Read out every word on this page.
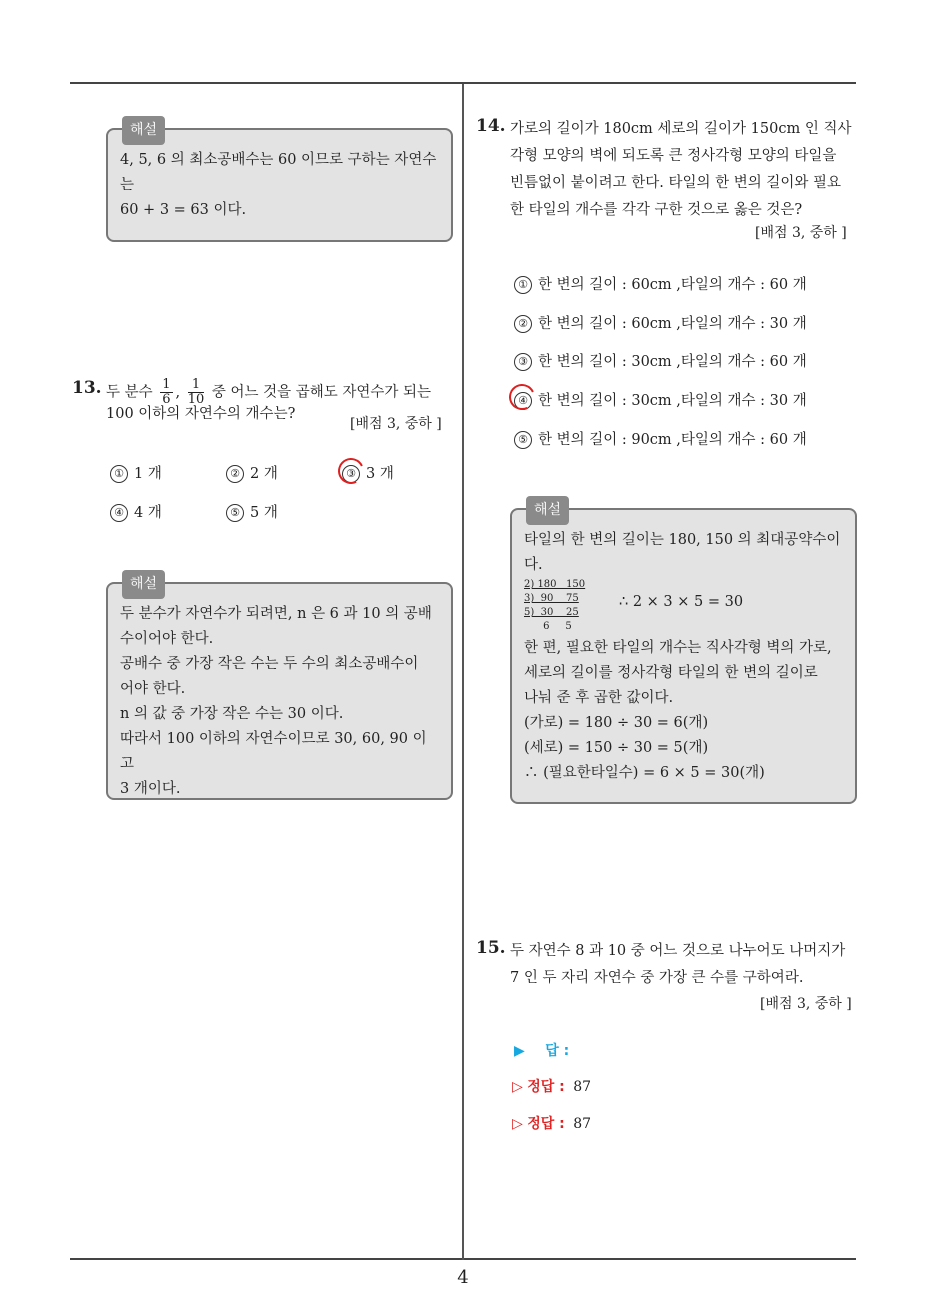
해설
4, 5, 6 의 최소공배수는 60 이므로 구하는 자연수
는
60 + 3 = 63 이다.
13. 두 분수 $\frac{1}{6}$ , $\frac{1}{10}$ 중 어느 것을 곱해도 자연수가 되는
100 이하의 자연수의 개수는?
[배점 3, 중하 ]
① 1 개	② 2 개	③ 3 개
④ 4 개	⑤ 5 개
해설
두 분수가 자연수가 되려면, n 은 6 과 10 의 공배
수이어야 한다.
공배수 중 가장 작은 수는 두 수의 최소공배수이
어야 한다.
n 의 값 중 가장 작은 수는 30 이다.
따라서 100 이하의 자연수이므로 30, 60, 90 이고
3 개이다.
14. 가로의 길이가 180cm 세로의 길이가 150cm 인 직사
각형 모양의 벽에 되도록 큰 정사각형 모양의 타일을
빈틈없이 붙이려고 한다. 타일의 한 변의 길이와 필요
한 타일의 개수를 각각 구한 것으로 옳은 것은?
[배점 3, 중하 ]
① 한 변의 길이 : 60cm ,타일의 개수 : 60 개
② 한 변의 길이 : 60cm ,타일의 개수 : 30 개
③ 한 변의 길이 : 30cm ,타일의 개수 : 60 개
④ 한 변의 길이 : 30cm ,타일의 개수 : 30 개
⑤ 한 변의 길이 : 90cm ,타일의 개수 : 60 개
해설
타일의 한 변의 길이는 180, 150 의 최대공약수이
다.
2) 180   150
3)  90    75
5)  30    25
6     5
∴ 2 × 3 × 5 = 30
한 편, 필요한 타일의 개수는 직사각형 벽의 가로,
세로의 길이를 정사각형 타일의 한 변의 길이로
나눠 준 후 곱한 값이다.
(가로) = 180 ÷ 30 = 6(개)
(세로) = 150 ÷ 30 = 5(개)
∴ (필요한타일수) = 6 × 5 = 30(개)
15. 두 자연수 8 과 10 중 어느 것으로 나누어도 나머지가
7 인 두 자리 자연수 중 가장 큰 수를 구하여라.
[배점 3, 중하 ]
▶ 답 :
▷ 정답 : 87
▷ 정답 : 87
4
